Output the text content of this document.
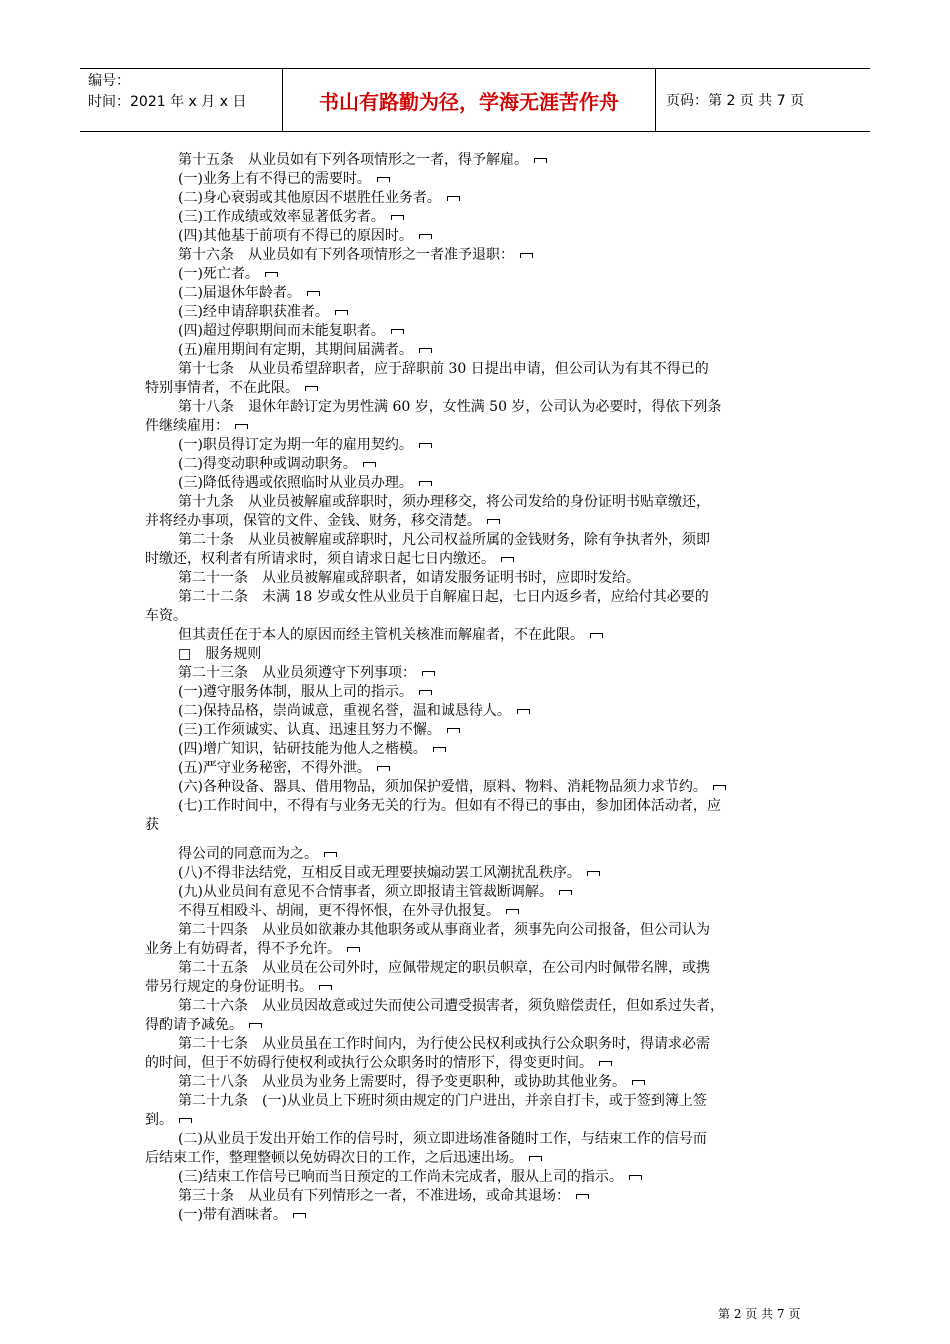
编号：
时间：2021 年 x 月 x 日	书山有路勤为径，学海无涯苦作舟	页码：第 2 页 共 7 页
第十五条　从业员如有下列各项情形之一者，得予解雇。
(一)业务上有不得已的需要时。
(二)身心衰弱或其他原因不堪胜任业务者。
(三)工作成绩或效率显著低劣者。
(四)其他基于前项有不得已的原因时。
第十六条　从业员如有下列各项情形之一者准予退职：
(一)死亡者。
(二)届退休年龄者。
(三)经申请辞职获准者。
(四)超过停职期间而未能复职者。
(五)雇用期间有定期，其期间届满者。
第十七条　从业员希望辞职者，应于辞职前 30 日提出申请，但公司认为有其不得已的
特别事情者，不在此限。
第十八条　退休年龄订定为男性满 60 岁，女性满 50 岁，公司认为必要时，得依下列条
件继续雇用：
(一)职员得订定为期一年的雇用契约。
(二)得变动职种或调动职务。
(三)降低待遇或依照临时从业员办理。
第十九条　从业员被解雇或辞职时，须办理移交，将公司发给的身份证明书贴章缴还，
并将经办事项，保管的文件、金钱、财务，移交清楚。
第二十条　从业员被解雇或辞职时，凡公司权益所属的金钱财务，除有争执者外，须即
时缴还，权利者有所请求时，须自请求日起七日内缴还。
第二十一条　从业员被解雇或辞职者，如请发服务证明书时，应即时发给。
第二十二条　未满 18 岁或女性从业员于自解雇日起，七日内返乡者，应给付其必要的
车资。
但其责任在于本人的原因而经主管机关核准而解雇者，不在此限。
□　服务规则
第二十三条　从业员须遵守下列事项：
(一)遵守服务体制，服从上司的指示。
(二)保持品格，崇尚诚意，重视名誉，温和诚恳待人。
(三)工作须诚实、认真、迅速且努力不懈。
(四)增广知识，钻研技能为他人之楷模。
(五)严守业务秘密，不得外泄。
(六)各种设备、器具、借用物品，须加保护爱惜，原料、物料、消耗物品须力求节约。
(七)工作时间中，不得有与业务无关的行为。但如有不得已的事由，参加团体活动者，应
获
得公司的同意而为之。
(八)不得非法结党，互相反目或无理要挟煽动罢工风潮扰乱秩序。
(九)从业员间有意见不合情事者，须立即报请主管裁断调解。
不得互相殴斗、胡闹，更不得怀恨，在外寻仇报复。
第二十四条　从业员如欲兼办其他职务或从事商业者，须事先向公司报备，但公司认为
业务上有妨碍者，得不予允许。
第二十五条　从业员在公司外时，应佩带规定的职员帜章，在公司内时佩带名牌，或携
带另行规定的身份证明书。
第二十六条　从业员因故意或过失而使公司遭受损害者，须负赔偿责任，但如系过失者，
得酌请予减免。
第二十七条　从业员虽在工作时间内，为行使公民权利或执行公众职务时，得请求必需
的时间，但于不妨碍行使权利或执行公众职务时的情形下，得变更时间。
第二十八条　从业员为业务上需要时，得予变更职种，或协助其他业务。
第二十九条　(一)从业员上下班时须由规定的门户进出，并亲自打卡，或于签到簿上签
到。
(二)从业员于发出开始工作的信号时，须立即进场准备随时工作，与结束工作的信号而
后结束工作，整理整顿以免妨碍次日的工作，之后迅速出场。
(三)结束工作信号已响而当日预定的工作尚未完成者，服从上司的指示。
第三十条　从业员有下列情形之一者，不准进场，或命其退场：
(一)带有酒味者。
第 2 页 共 7 页
